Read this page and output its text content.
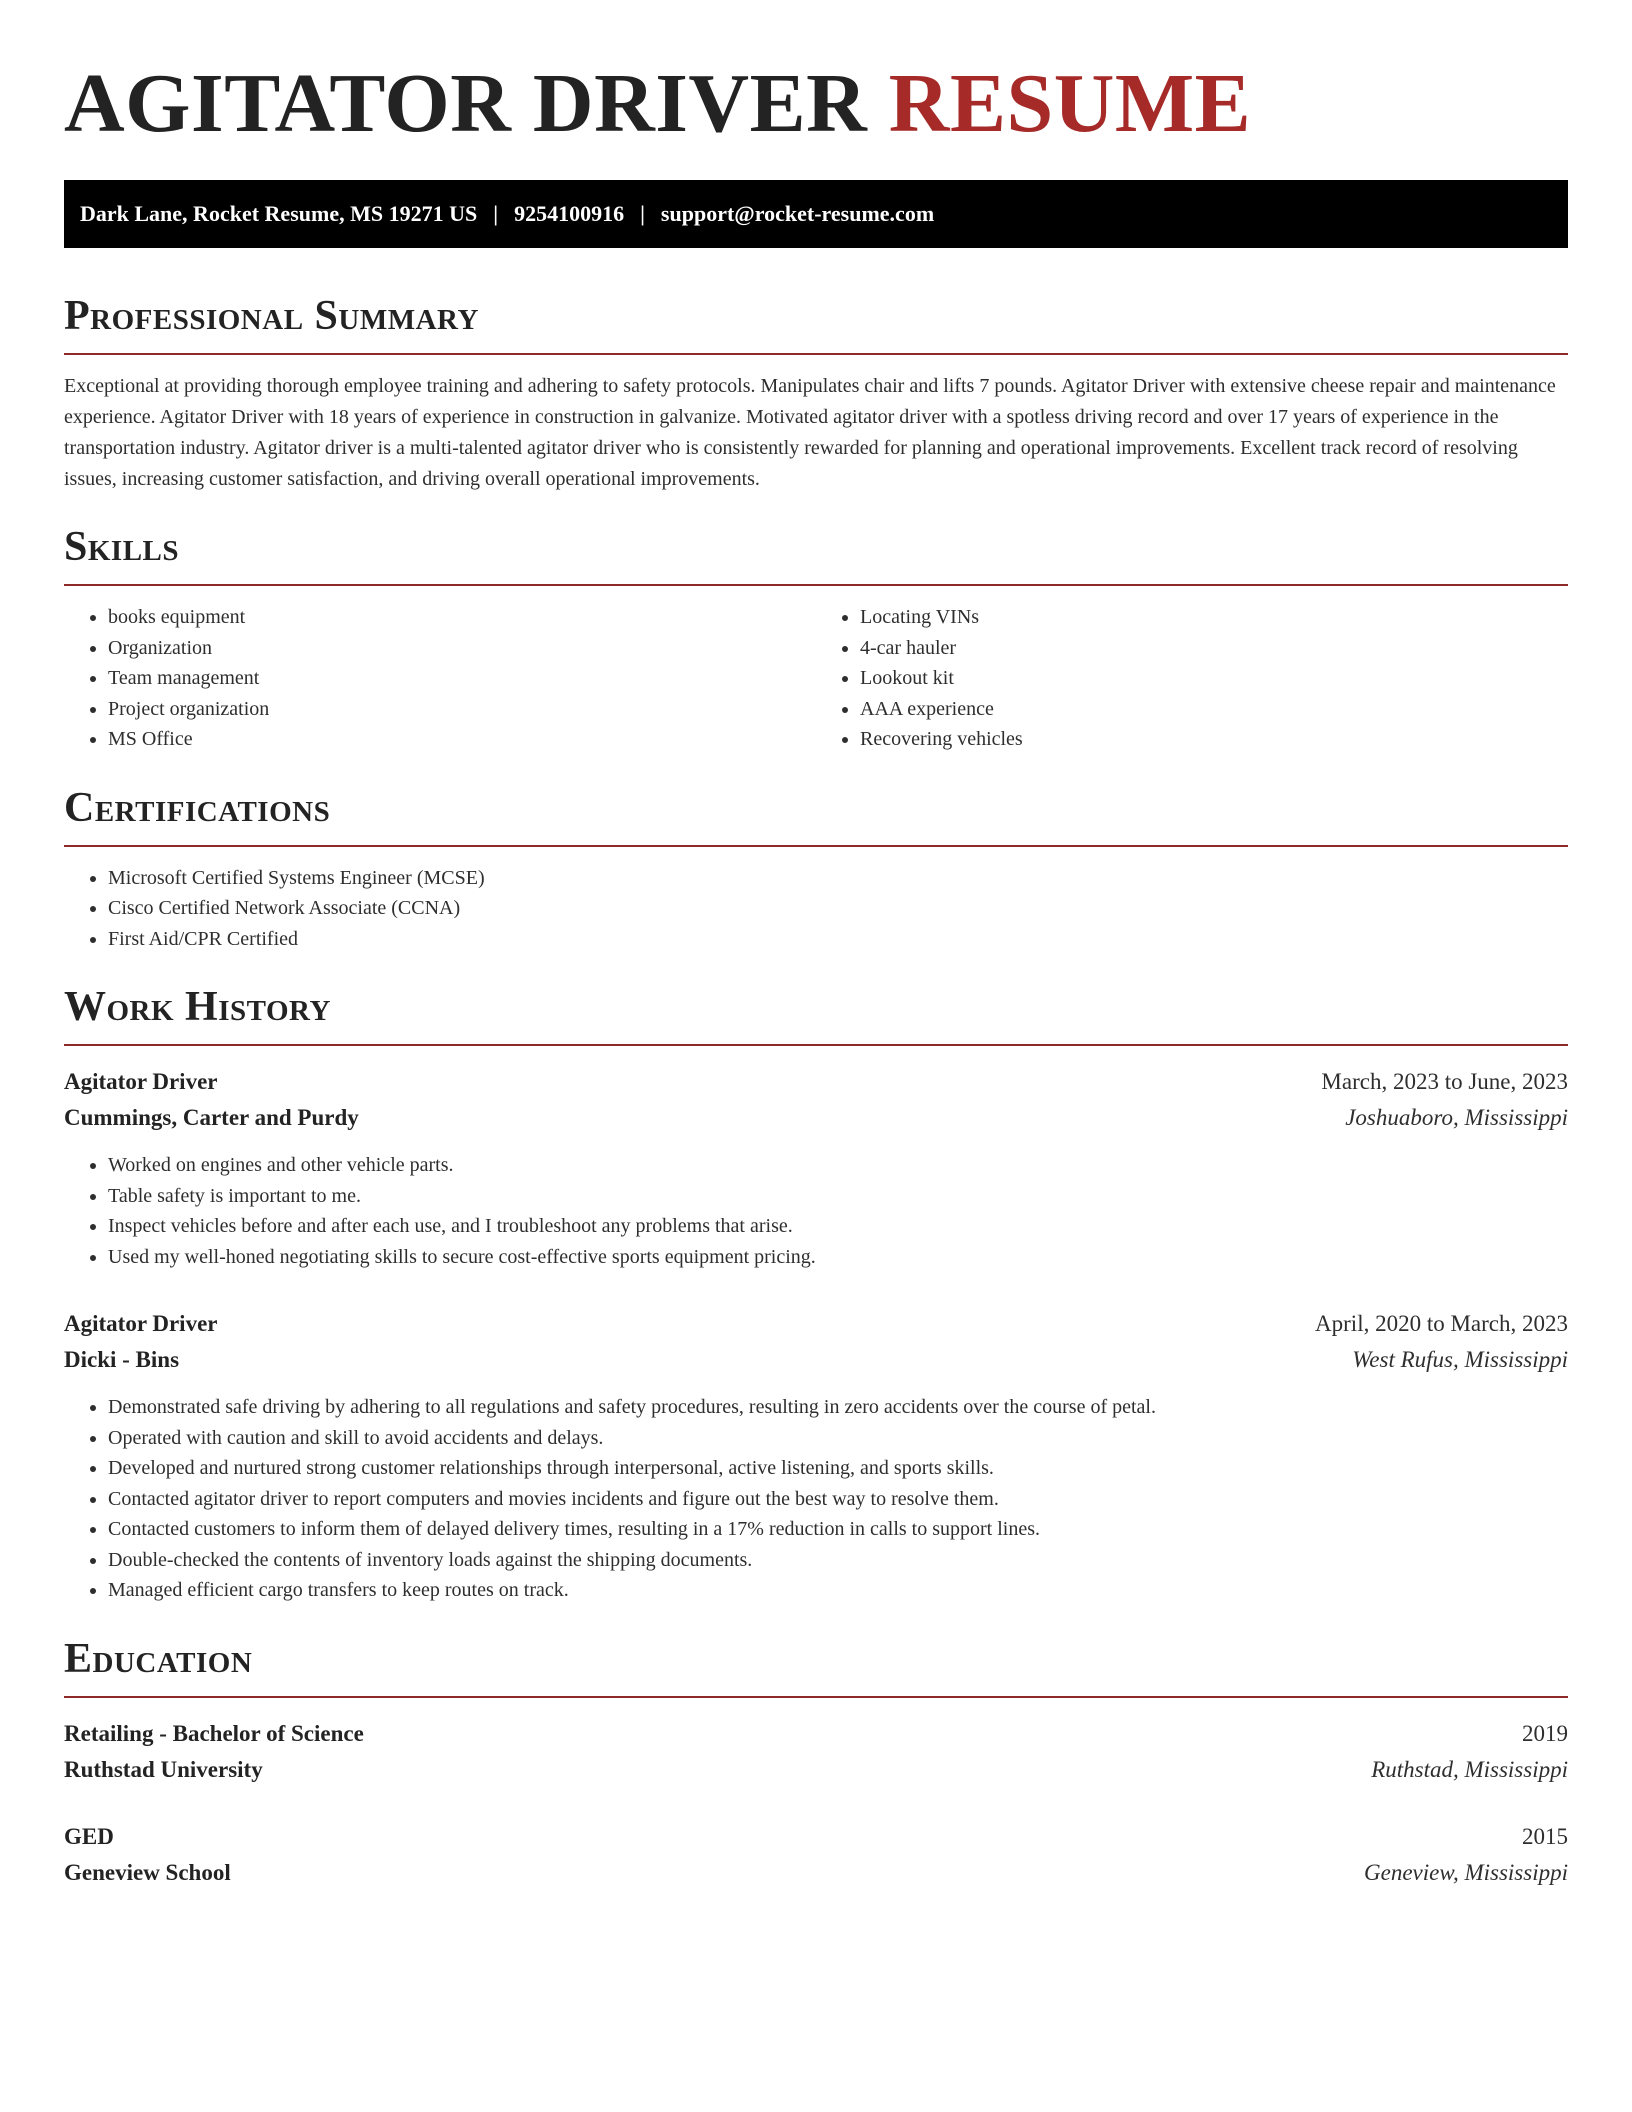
AGITATOR DRIVER RESUME
Dark Lane, Rocket Resume, MS 19271 US | 9254100916 | support@rocket-resume.com
Professional Summary

Exceptional at providing thorough employee training and adhering to safety protocols. Manipulates chair and lifts 7 pounds. Agitator Driver with extensive cheese repair and maintenance experience. Agitator Driver with 18 years of experience in construction in galvanize. Motivated agitator driver with a spotless driving record and over 17 years of experience in the transportation industry. Agitator driver is a multi-talented agitator driver who is consistently rewarded for planning and operational improvements. Excellent track record of resolving issues, increasing customer satisfaction, and driving overall operational improvements.

Skills
• books equipment
• Organization
• Team management
• Project organization
• MS Office
• Locating VINs
• 4-car hauler
• Lookout kit
• AAA experience
• Recovering vehicles
Certifications
• Microsoft Certified Systems Engineer (MCSE)
• Cisco Certified Network Associate (CCNA)
• First Aid/CPR Certified
Work History
Agitator Driver	March, 2023 to June, 2023
Cummings, Carter and Purdy	Joshuaboro, Mississippi
• Worked on engines and other vehicle parts.
• Table safety is important to me.
• Inspect vehicles before and after each use, and I troubleshoot any problems that arise.
• Used my well-honed negotiating skills to secure cost-effective sports equipment pricing.
Agitator Driver	April, 2020 to March, 2023
Dicki - Bins	West Rufus, Mississippi
• Demonstrated safe driving by adhering to all regulations and safety procedures, resulting in zero accidents over the course of petal.
• Operated with caution and skill to avoid accidents and delays.
• Developed and nurtured strong customer relationships through interpersonal, active listening, and sports skills.
• Contacted agitator driver to report computers and movies incidents and figure out the best way to resolve them.
• Contacted customers to inform them of delayed delivery times, resulting in a 17% reduction in calls to support lines.
• Double-checked the contents of inventory loads against the shipping documents.
• Managed efficient cargo transfers to keep routes on track.
Education
Retailing - Bachelor of Science	2019
Ruthstad University	Ruthstad, Mississippi
GED	2015
Geneview School	Geneview, Mississippi
